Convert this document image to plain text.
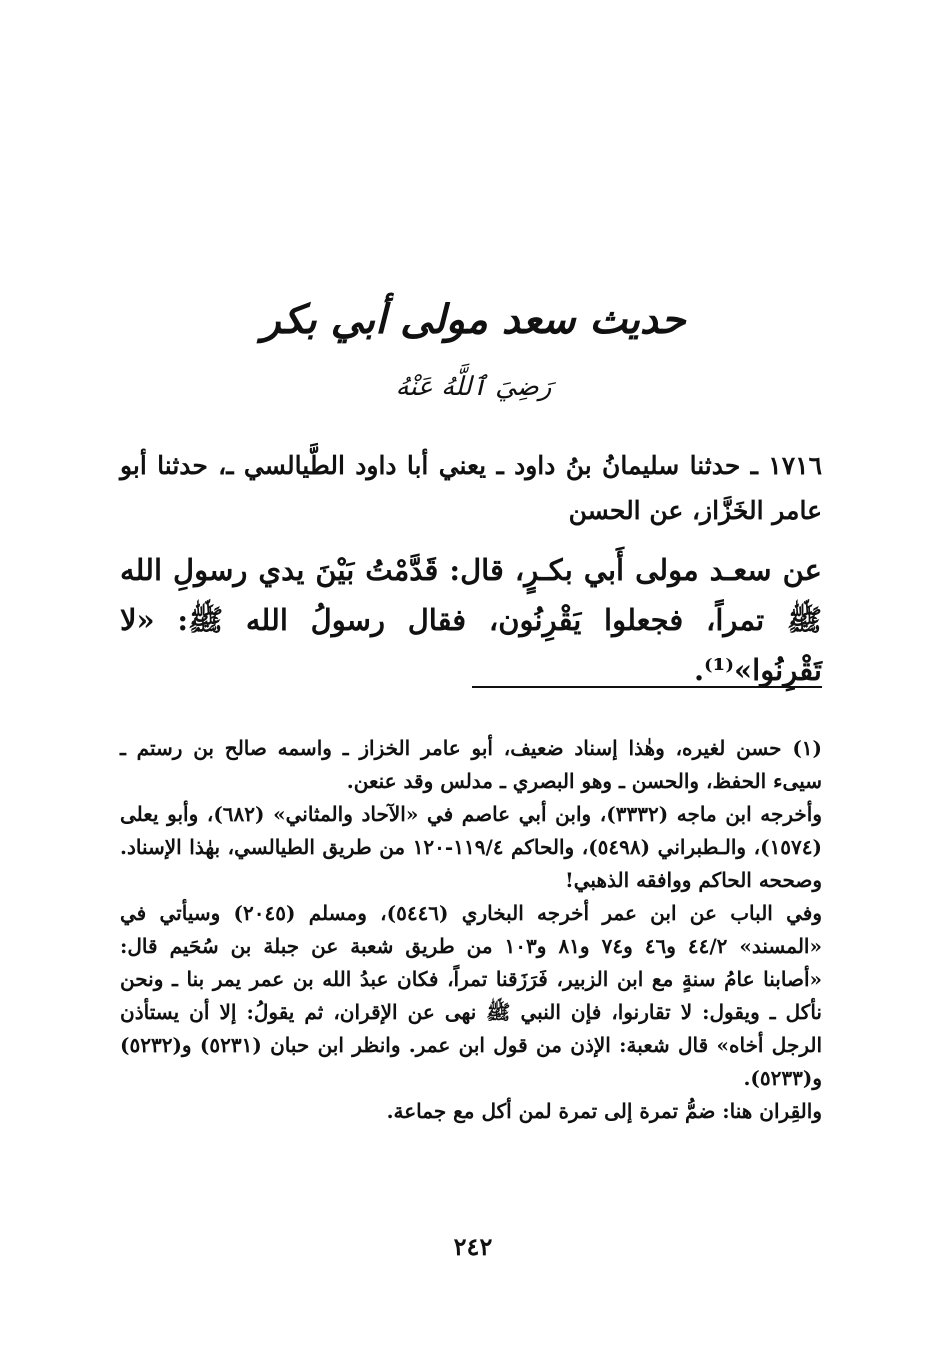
حديث سعد مولى أبي بكر
رَضِيَ ٱللَّهُ عَنْهُ
١٧١٦ ـ حدثنا سليمانُ بنُ داود ـ يعني أبا داود الطَّيالسي ـ، حدثنا أبو عامر الخَزَّاز، عن الحسن
عن سعـد مولى أَبي بكـرٍ، قال: قَدَّمْتُ بَيْنَ يدي رسولِ الله ﷺ تمراً، فجعلوا يَقْرِنُون، فقال رسولُ الله ﷺ: «لا تَقْرِنُوا»⁽¹⁾.

(١) حسن لغيره، وهٰذا إسناد ضعيف، أبو عامر الخزاز ـ واسمه صالح بن رستم ـ سيىء الحفظ، والحسن ـ وهو البصري ـ مدلس وقد عنعن.

وأخرجه ابن ماجه (٣٣٣٢)، وابن أبي عاصم في «الآحاد والمثاني» (٦٨٢)، وأبو يعلى (١٥٧٤)، والـطبراني (٥٤٩٨)، والحاكم ١١٩/٤-١٢٠ من طريق الطيالسي، بهٰذا الإسناد. وصححه الحاكم ووافقه الذهبي!

وفي الباب عن ابن عمر أخرجه البخاري (٥٤٤٦)، ومسلم (٢٠٤٥) وسيأتي في «المسند» ٤٤/٢ و٤٦ و٧٤ و٨١ و١٠٣ من طريق شعبة عن جبلة بن سُحَيم قال: «أصابنا عامُ سنةٍ مع ابن الزبير، فَرَزَقنا تمراً، فكان عبدُ الله بن عمر يمر بنا ـ ونحن نأكل ـ ويقول: لا تقارنوا، فإن النبي ﷺ نهى عن الإقران، ثم يقولُ: إلا أن يستأذن الرجل أخاه» قال شعبة: الإذن من قول ابن عمر. وانظر ابن حبان (٥٢٣١) و(٥٢٣٢) و(٥٢٣٣).

والقِران هنا: ضمُّ تمرة إلى تمرة لمن أكل مع جماعة.

٢٤٢
